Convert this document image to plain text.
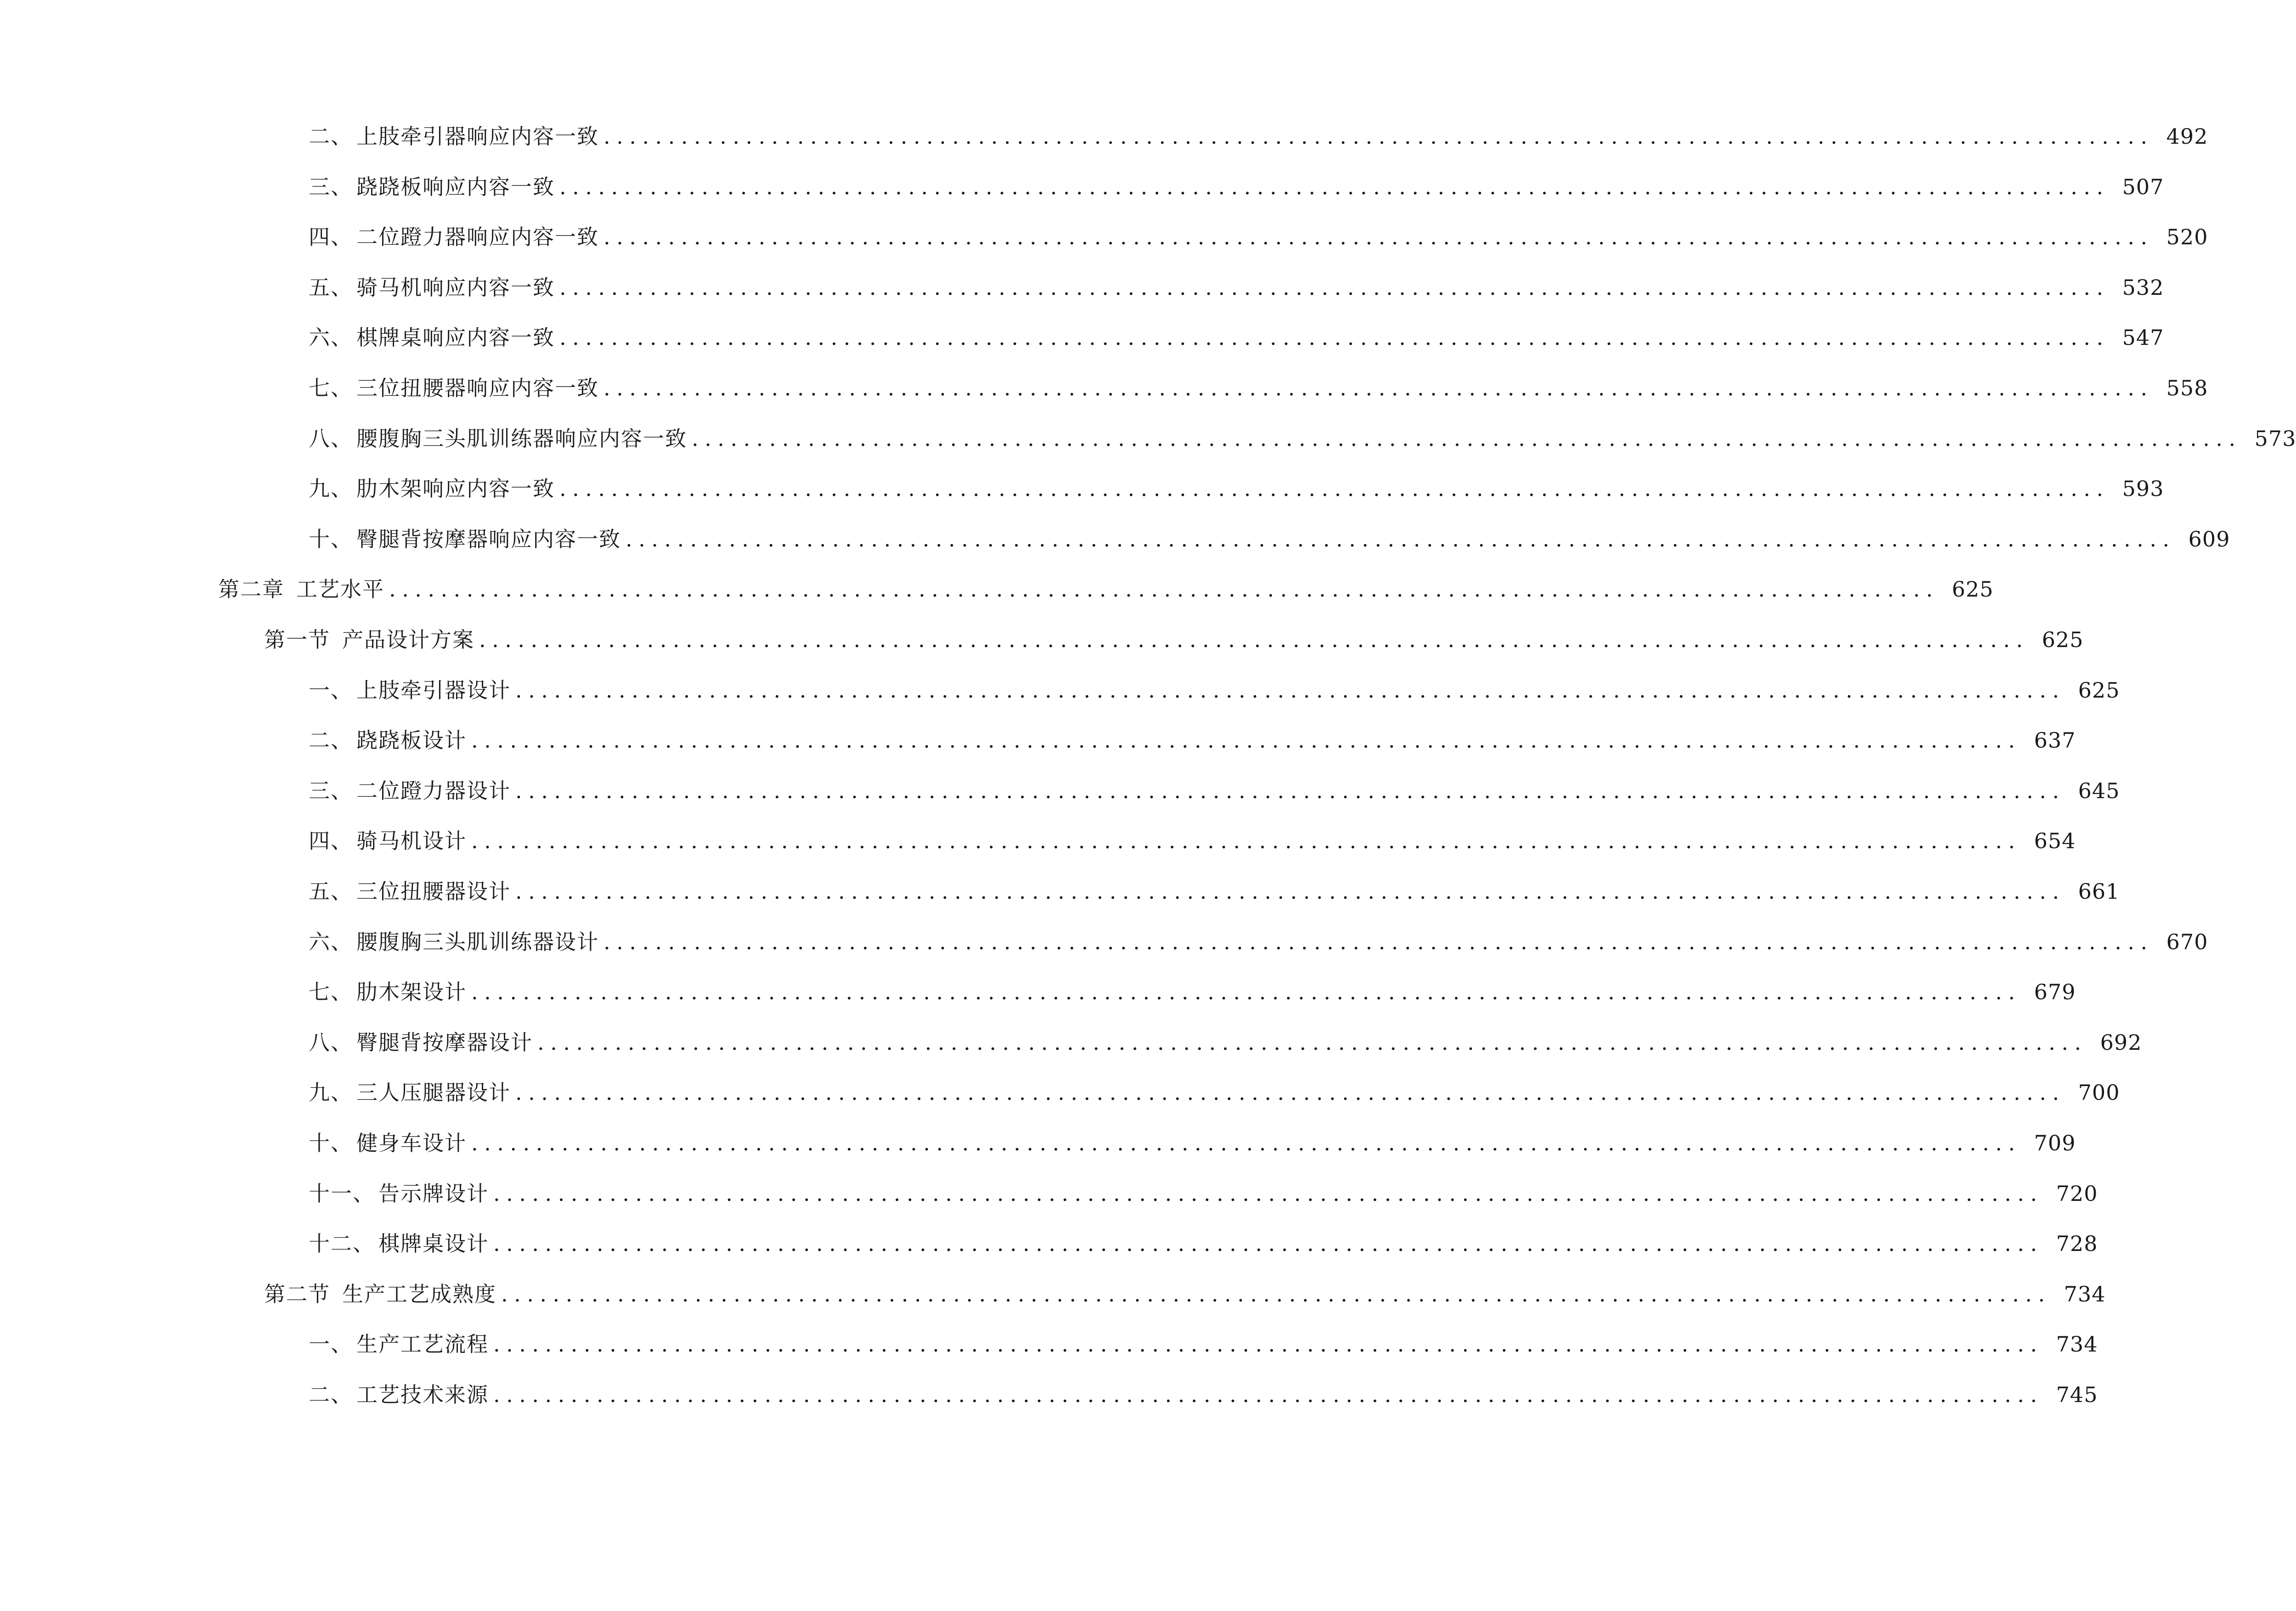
二、 上肢牵引器响应内容一致 ........................................................................................................................ 492
三、 跷跷板响应内容一致 ........................................................................................................................ 507
四、 二位蹬力器响应内容一致 ........................................................................................................................ 520
五、 骑马机响应内容一致 ........................................................................................................................ 532
六、 棋牌桌响应内容一致 ........................................................................................................................ 547
七、 三位扭腰器响应内容一致 ........................................................................................................................ 558
八、 腰腹胸三头肌训练器响应内容一致 ........................................................................................................................ 573
九、 肋木架响应内容一致 ........................................................................................................................ 593
十、 臀腿背按摩器响应内容一致 ........................................................................................................................ 609
第二章 工艺水平 ........................................................................................................................ 625
第一节 产品设计方案 ........................................................................................................................ 625
一、 上肢牵引器设计 ........................................................................................................................ 625
二、 跷跷板设计 ........................................................................................................................ 637
三、 二位蹬力器设计 ........................................................................................................................ 645
四、 骑马机设计 ........................................................................................................................ 654
五、 三位扭腰器设计 ........................................................................................................................ 661
六、 腰腹胸三头肌训练器设计 ........................................................................................................................ 670
七、 肋木架设计 ........................................................................................................................ 679
八、 臀腿背按摩器设计 ........................................................................................................................ 692
九、 三人压腿器设计 ........................................................................................................................ 700
十、 健身车设计 ........................................................................................................................ 709
十一、 告示牌设计 ........................................................................................................................ 720
十二、 棋牌桌设计 ........................................................................................................................ 728
第二节 生产工艺成熟度 ........................................................................................................................ 734
一、 生产工艺流程 ........................................................................................................................ 734
二、 工艺技术来源 ........................................................................................................................ 745
